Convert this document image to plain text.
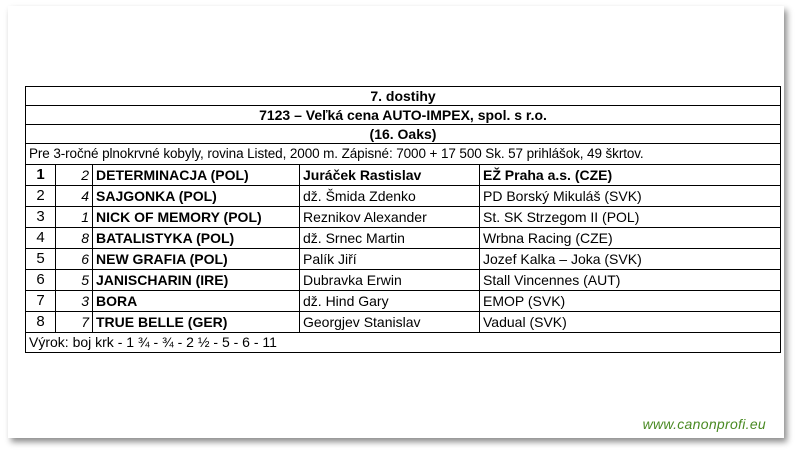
7. dostihy				
7123 – Veľká cena AUTO-IMPEX, spol. s r.o.				
(16. Oaks)				
Pre 3-ročné plnokrvné kobyly, rovina Listed, 2000 m. Zápisné: 7000 + 17 500 Sk. 57 prihlášok, 49 škrtov.				
1	2	DETERMINACJA (POL)	Juráček Rastislav	EŽ Praha a.s. (CZE)
2	4	SAJGONKA (POL)	dž. Šmida Zdenko	PD Borský Mikuláš (SVK)
3	1	NICK OF MEMORY (POL)	Reznikov Alexander	St. SK Strzegom II (POL)
4	8	BATALISTYKA (POL)	dž. Srnec Martin	Wrbna Racing (CZE)
5	6	NEW GRAFIA (POL)	Palík Jiří	Jozef Kalka – Joka (SVK)
6	5	JANISCHARIN (IRE)	Dubravka Erwin	Stall Vincennes (AUT)
7	3	BORA	dž. Hind Gary	EMOP (SVK)
8	7	TRUE BELLE (GER)	Georgjev Stanislav	Vadual (SVK)
Výrok: boj krk - 1 ¾ - ¾ - 2 ½ - 5 - 6 - 11				
www.canonprofi.eu
